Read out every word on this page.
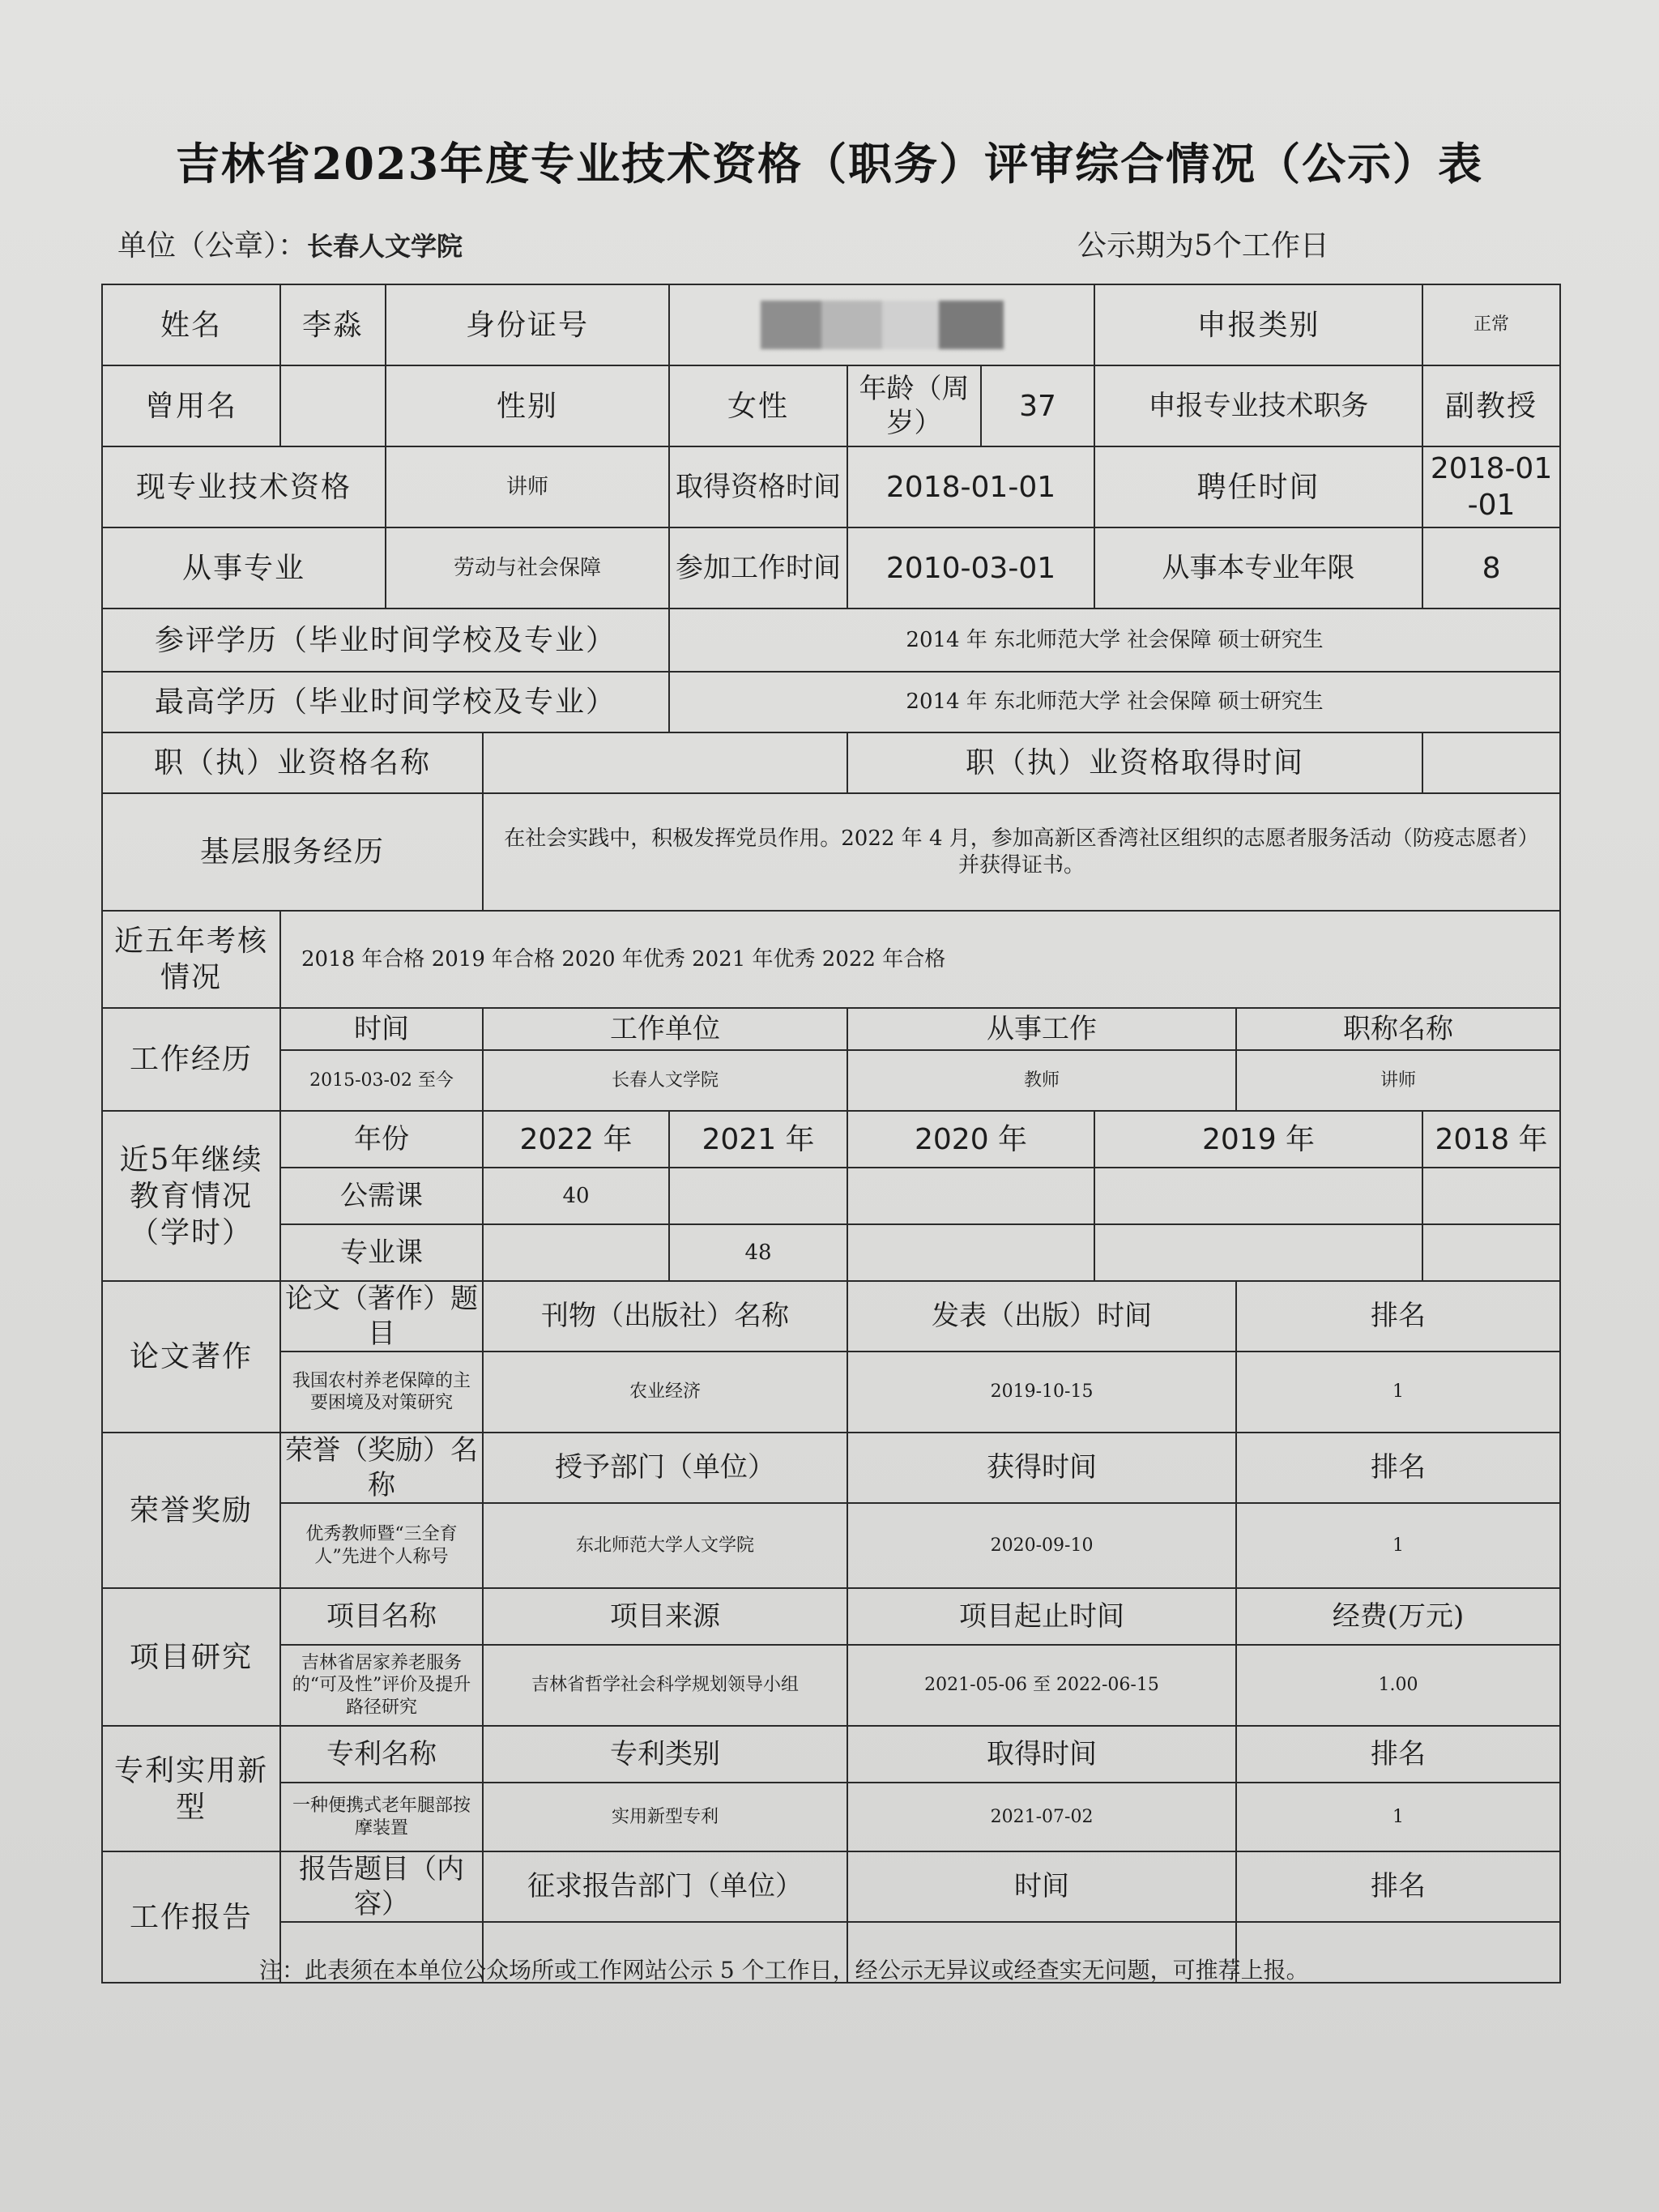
吉林省2023年度专业技术资格（职务）评审综合情况（公示）表
单位（公章）：长春人文学院	公示期为5个工作日
姓名	李淼	身份证号					申报类别		正常
曾用名		性别		女性	年龄（周岁）	37	申报专业技术职务		副教授
现专业技术资格		讲师		取得资格时间	2018-01-01		聘任时间		2018-01-01
从事专业		劳动与社会保障		参加工作时间	2010-03-01		从事本专业年限		8
参评学历（毕业时间学校及专业）				2014 年 东北师范大学 社会保障 硕士研究生					
最高学历（毕业时间学校及专业）				2014 年 东北师范大学 社会保障 硕士研究生					
职（执）业资格名称					职（执）业资格取得时间				
基层服务经历			在社会实践中，积极发挥党员作用。2022 年 4 月，参加高新区香湾社区组织的志愿者服务活动（防疫志愿者）并获得证书。						
近五年考核情况	2018 年合格 2019 年合格 2020 年优秀 2021 年优秀 2022 年合格								
工作经历	时间		工作单位		从事工作			职称名称	
	2015-03-02 至今		长春人文学院		教师			讲师	
近5年继续教育情况（学时）	年份		2022 年	2021 年	2020 年		2019 年		2018 年
	公需课		40						
	专业课			48					
论文著作	论文（著作）题目		刊物（出版社）名称		发表（出版）时间			排名	
	我国农村养老保障的主要困境及对策研究		农业经济		2019-10-15			1	
荣誉奖励	荣誉（奖励）名称		授予部门（单位）		获得时间			排名	
	优秀教师暨“三全育人”先进个人称号		东北师范大学人文学院		2020-09-10			1	
项目研究	项目名称		项目来源		项目起止时间			经费(万元)	
	吉林省居家养老服务的“可及性”评价及提升路径研究		吉林省哲学社会科学规划领导小组		2021-05-06 至 2022-06-15			1.00	
专利实用新型	专利名称		专利类别		取得时间			排名	
	一种便携式老年腿部按摩装置		实用新型专利		2021-07-02			1	
工作报告	报告题目（内容）		征求报告部门（单位）		时间			排名	

注：此表须在本单位公众场所或工作网站公示 5 个工作日，经公示无异议或经查实无问题，可推荐上报。
